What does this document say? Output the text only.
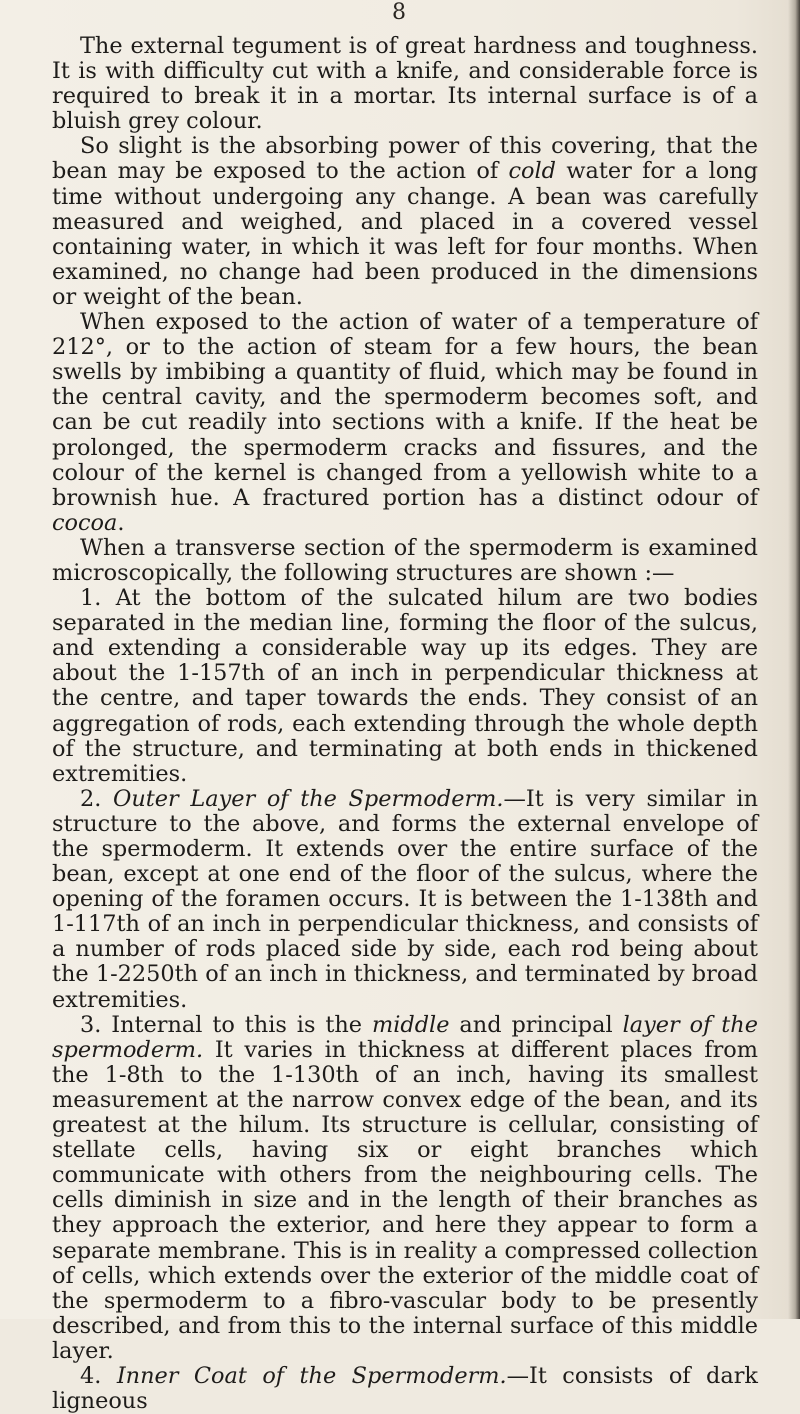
8

The external tegument is of great hardness and toughness. It is with difficulty cut with a knife, and considerable force is required to break it in a mortar. Its internal surface is of a bluish grey colour.

So slight is the absorbing power of this covering, that the bean may be exposed to the action of cold water for a long time without undergoing any change. A bean was carefully measured and weighed, and placed in a covered vessel containing water, in which it was left for four months. When examined, no change had been produced in the dimensions or weight of the bean.

When exposed to the action of water of a temperature of 212°, or to the action of steam for a few hours, the bean swells by imbibing a quantity of fluid, which may be found in the central cavity, and the spermoderm becomes soft, and can be cut readily into sections with a knife. If the heat be prolonged, the spermoderm cracks and fissures, and the colour of the kernel is changed from a yellowish white to a brownish hue. A fractured portion has a distinct odour of cocoa.

When a transverse section of the spermoderm is examined microscopically, the following structures are shown :—

1. At the bottom of the sulcated hilum are two bodies separated in the median line, forming the floor of the sulcus, and extending a considerable way up its edges. They are about the 1-157th of an inch in perpendicular thickness at the centre, and taper towards the ends. They consist of an aggregation of rods, each extending through the whole depth of the structure, and terminating at both ends in thickened extremities.

2. Outer Layer of the Spermoderm.—It is very similar in structure to the above, and forms the external envelope of the spermoderm. It extends over the entire surface of the bean, except at one end of the floor of the sulcus, where the opening of the foramen occurs. It is between the 1-138th and 1-117th of an inch in perpendicular thickness, and consists of a number of rods placed side by side, each rod being about the 1-2250th of an inch in thickness, and terminated by broad extremities.

3. Internal to this is the middle and principal layer of the spermoderm. It varies in thickness at different places from the 1-8th to the 1-130th of an inch, having its smallest measurement at the narrow convex edge of the bean, and its greatest at the hilum. Its structure is cellular, consisting of stellate cells, having six or eight branches which communicate with others from the neighbouring cells. The cells diminish in size and in the length of their branches as they approach the exterior, and here they appear to form a separate membrane. This is in reality a compressed collection of cells, which extends over the exterior of the middle coat of the spermoderm to a fibro-vascular body to be presently described, and from this to the internal surface of this middle layer.

4. Inner Coat of the Spermoderm.—It consists of dark ligneous
